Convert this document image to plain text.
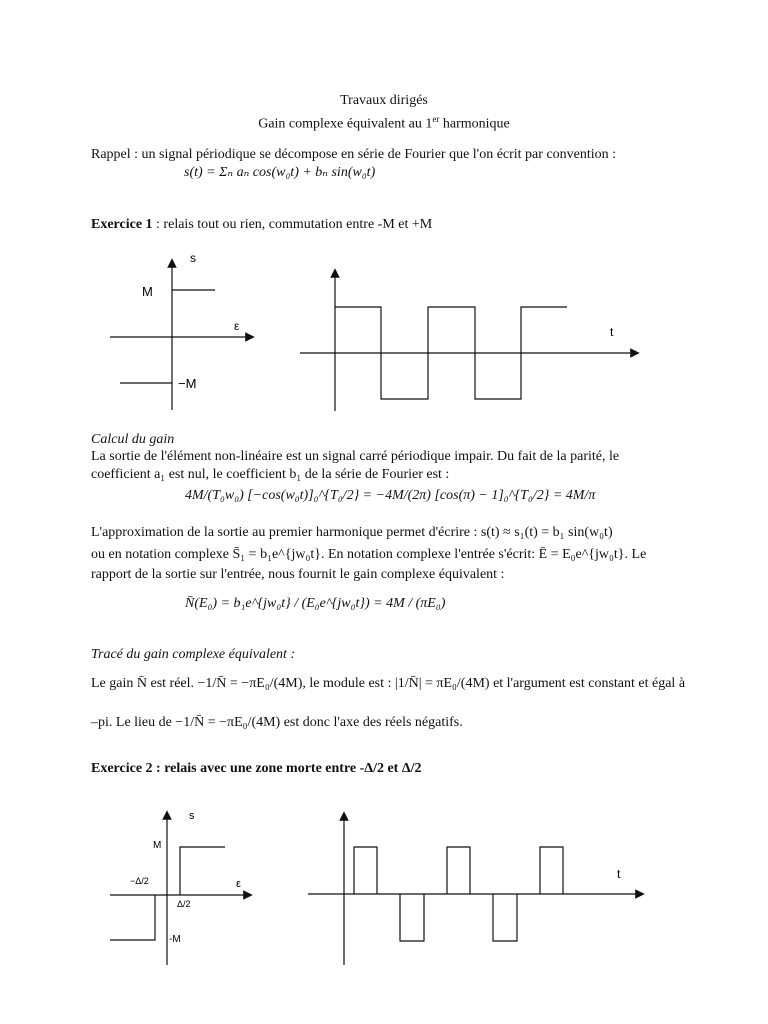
Travaux dirigés
Gain complexe équivalent au 1er harmonique
Rappel : un signal périodique se décompose en série de Fourier que l'on écrit par convention :
s(t) = Σₙ aₙ cos(w₀t) + bₙ sin(w₀t)
Exercice 1 : relais tout ou rien, commutation entre -M et +M
s
M
ε
−M
t
Calcul du gain
La sortie de l'élément non-linéaire est un signal carré périodique impair. Du fait de la parité, le
coefficient a₁ est nul, le coefficient b₁ de la série de Fourier est :
4M/(T₀w₀) [−cos(w₀t)]₀^{T₀/2} = −4M/(2π) [cos(π) − 1]₀^{T₀/2} = 4M/π
L'approximation de la sortie au premier harmonique permet d'écrire : s(t) ≈ s₁(t) = b₁ sin(w₀t)
ou en notation complexe S̄₁ = b₁e^{jw₀t}. En notation complexe l'entrée s'écrit: Ē = E₀e^{jw₀t}. Le
rapport de la sortie sur l'entrée, nous fournit le gain complexe équivalent :
N̄(E₀) = b₁e^{jw₀t} / (E₀e^{jw₀t}) = 4M / (πE₀)
Tracé du gain complexe équivalent :
Le gain N̄ est réel. −1/N̄ = −πE₀/(4M), le module est : |1/N̄| = πE₀/(4M) et l'argument est constant et égal à
–pi. Le lieu de −1/N̄ = −πE₀/(4M) est donc l'axe des réels négatifs.
Exercice 2 : relais avec une zone morte entre -Δ/2 et Δ/2
s
M
ε
−Δ/2
Δ/2
-M
t
